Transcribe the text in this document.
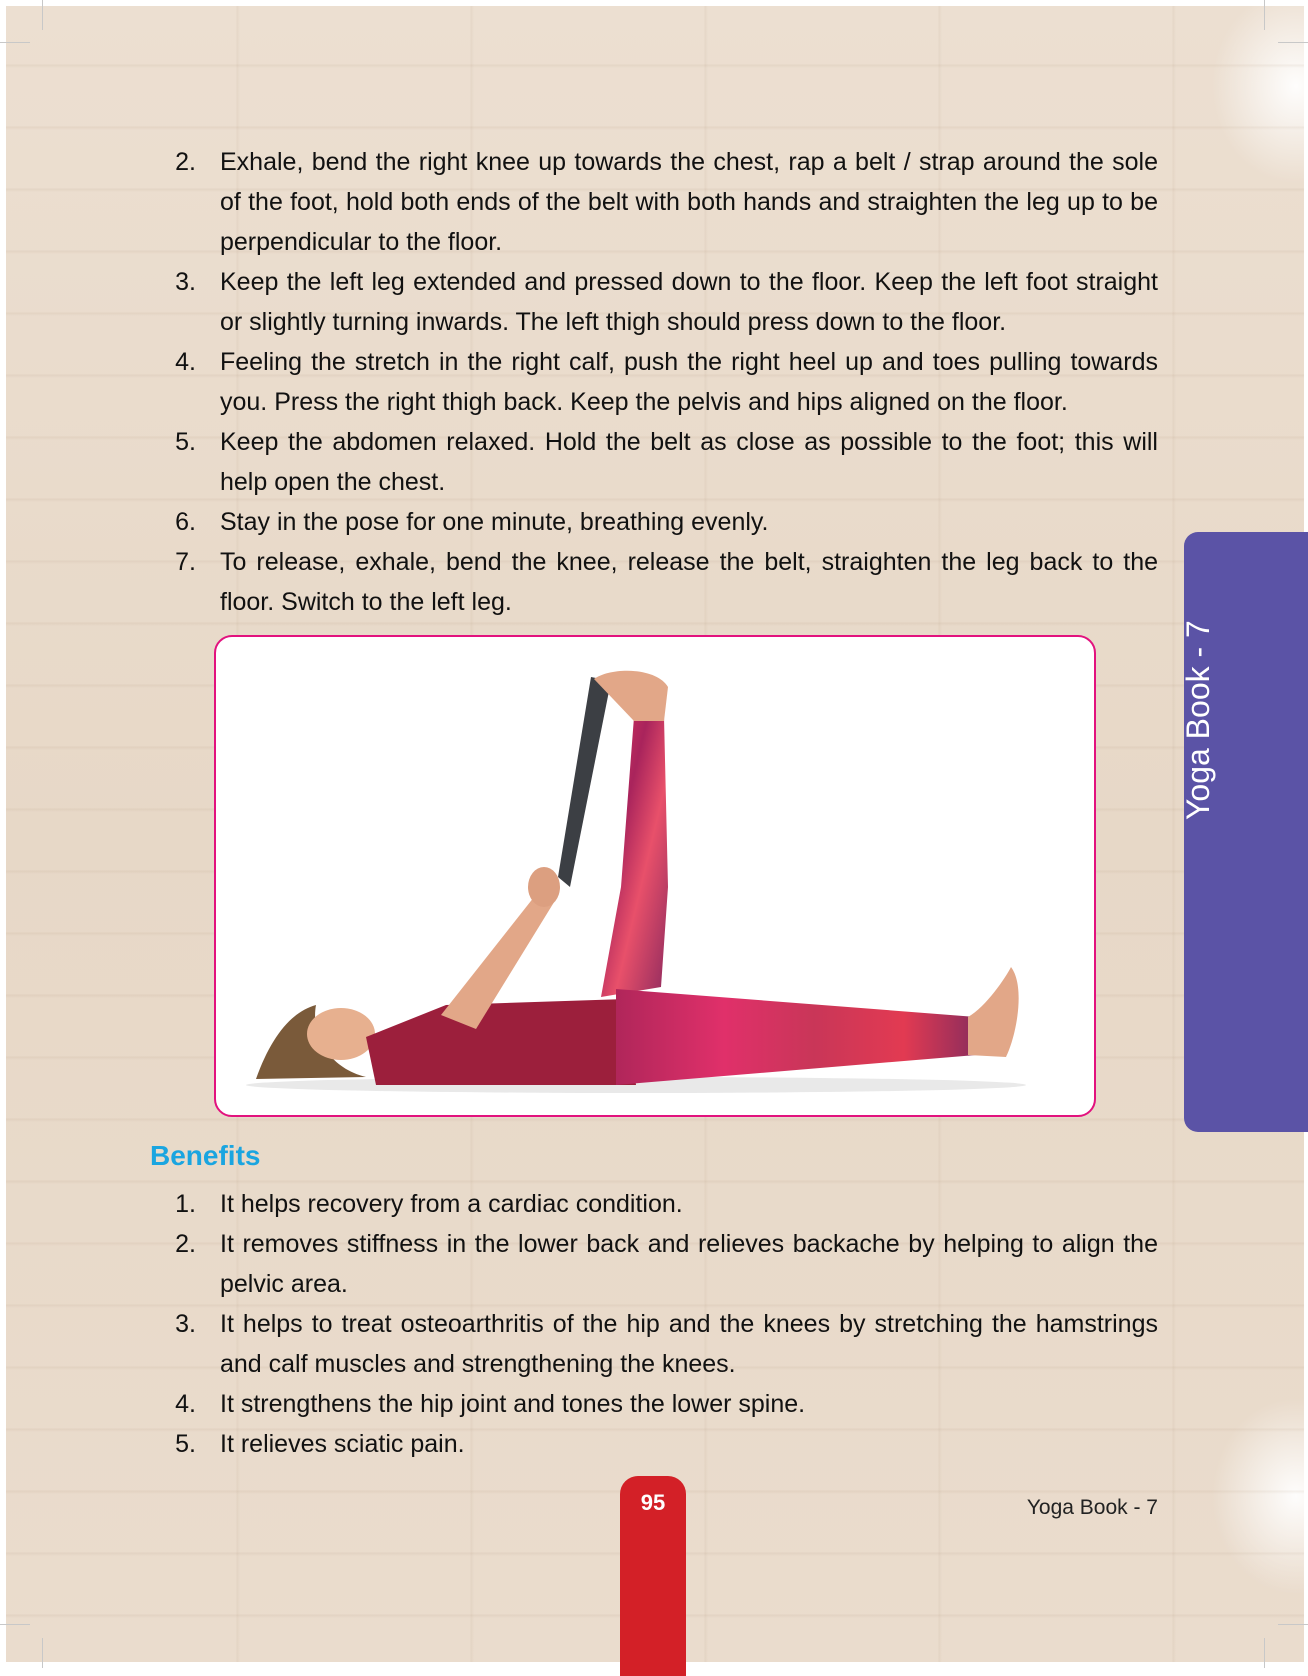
2. Exhale, bend the right knee up towards the chest, rap a belt / strap around the sole of the foot, hold both ends of the belt with both hands and straighten the leg up to be perpendicular to the floor.
3. Keep the left leg extended and pressed down to the floor. Keep the left foot straight or slightly turning inwards. The left thigh should press down to the floor.
4. Feeling the stretch in the right calf, push the right heel up and toes pulling towards you. Press the right thigh back. Keep the pelvis and hips aligned on the floor.
5. Keep the abdomen relaxed. Hold the belt as close as possible to the foot; this will help open the chest.
6. Stay in the pose for one minute, breathing evenly.
7. To release, exhale, bend the knee, release the belt, straighten the leg back to the floor. Switch to the left leg.
Benefits
1. It helps recovery from a cardiac condition.
2. It removes stiffness in the lower back and relieves backache by helping to align the pelvic area.
3. It helps to treat osteoarthritis of the hip and the knees by stretching the hamstrings and calf muscles and strengthening the knees.
4. It strengthens the hip joint and tones the lower spine.
5. It relieves sciatic pain.
Yoga
95	Yoga Book - 7
